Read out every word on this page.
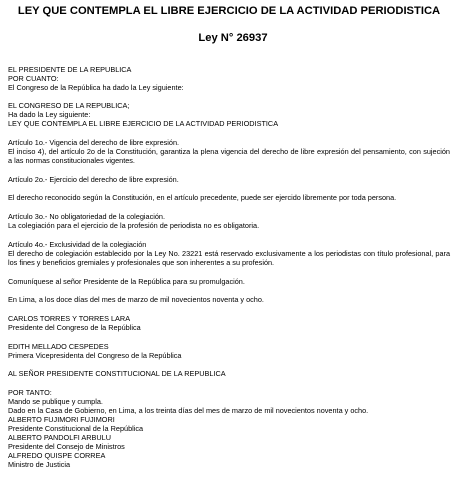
LEY QUE CONTEMPLA EL LIBRE EJERCICIO DE LA ACTIVIDAD PERIODISTICA
Ley N° 26937
EL PRESIDENTE DE LA REPUBLICA
POR CUANTO:
El Congreso de la República ha dado la Ley siguiente:
EL CONGRESO DE LA REPUBLICA;
Ha dado la Ley siguiente:
LEY QUE CONTEMPLA EL LIBRE EJERCICIO DE LA ACTIVIDAD PERIODISTICA
Artículo 1o.- Vigencia del derecho de libre expresión.
El inciso 4), del artículo 2o de la Constitución, garantiza la plena vigencia del derecho de libre expresión del pensamiento, con sujeción a las normas constitucionales vigentes.
Artículo 2o.- Ejercicio del derecho de libre expresión.
El derecho reconocido según la Constitución, en el artículo precedente, puede ser ejercido libremente por toda persona.
Artículo 3o.- No obligatoriedad de la colegiación.
La colegiación para el ejercicio de la profesión de periodista no es obligatoria.
Artículo 4o.- Exclusividad de la colegiación
El derecho de colegiación establecido por la Ley No. 23221 está reservado exclusivamente a los periodistas con título profesional, para los fines y beneficios gremiales y profesionales que son inherentes a su profesión.
Comuníquese al señor Presidente de la República para su promulgación.
En Lima, a los doce días del mes de marzo de mil novecientos noventa y ocho.
CARLOS TORRES Y TORRES LARA
Presidente del Congreso de la República
EDITH MELLADO CESPEDES
Primera Vicepresidenta del Congreso de la República
AL SEÑOR PRESIDENTE CONSTITUCIONAL DE LA REPUBLICA
POR TANTO:
Mando se publique y cumpla.
Dado en la Casa de Gobierno, en Lima, a los treinta días del mes de marzo de mil novecientos noventa y ocho.
ALBERTO FUJIMORI FUJIMORI
Presidente Constitucional de la República
ALBERTO PANDOLFI ARBULU
Presidente del Consejo de Ministros
ALFREDO QUISPE CORREA
Ministro de Justicia
